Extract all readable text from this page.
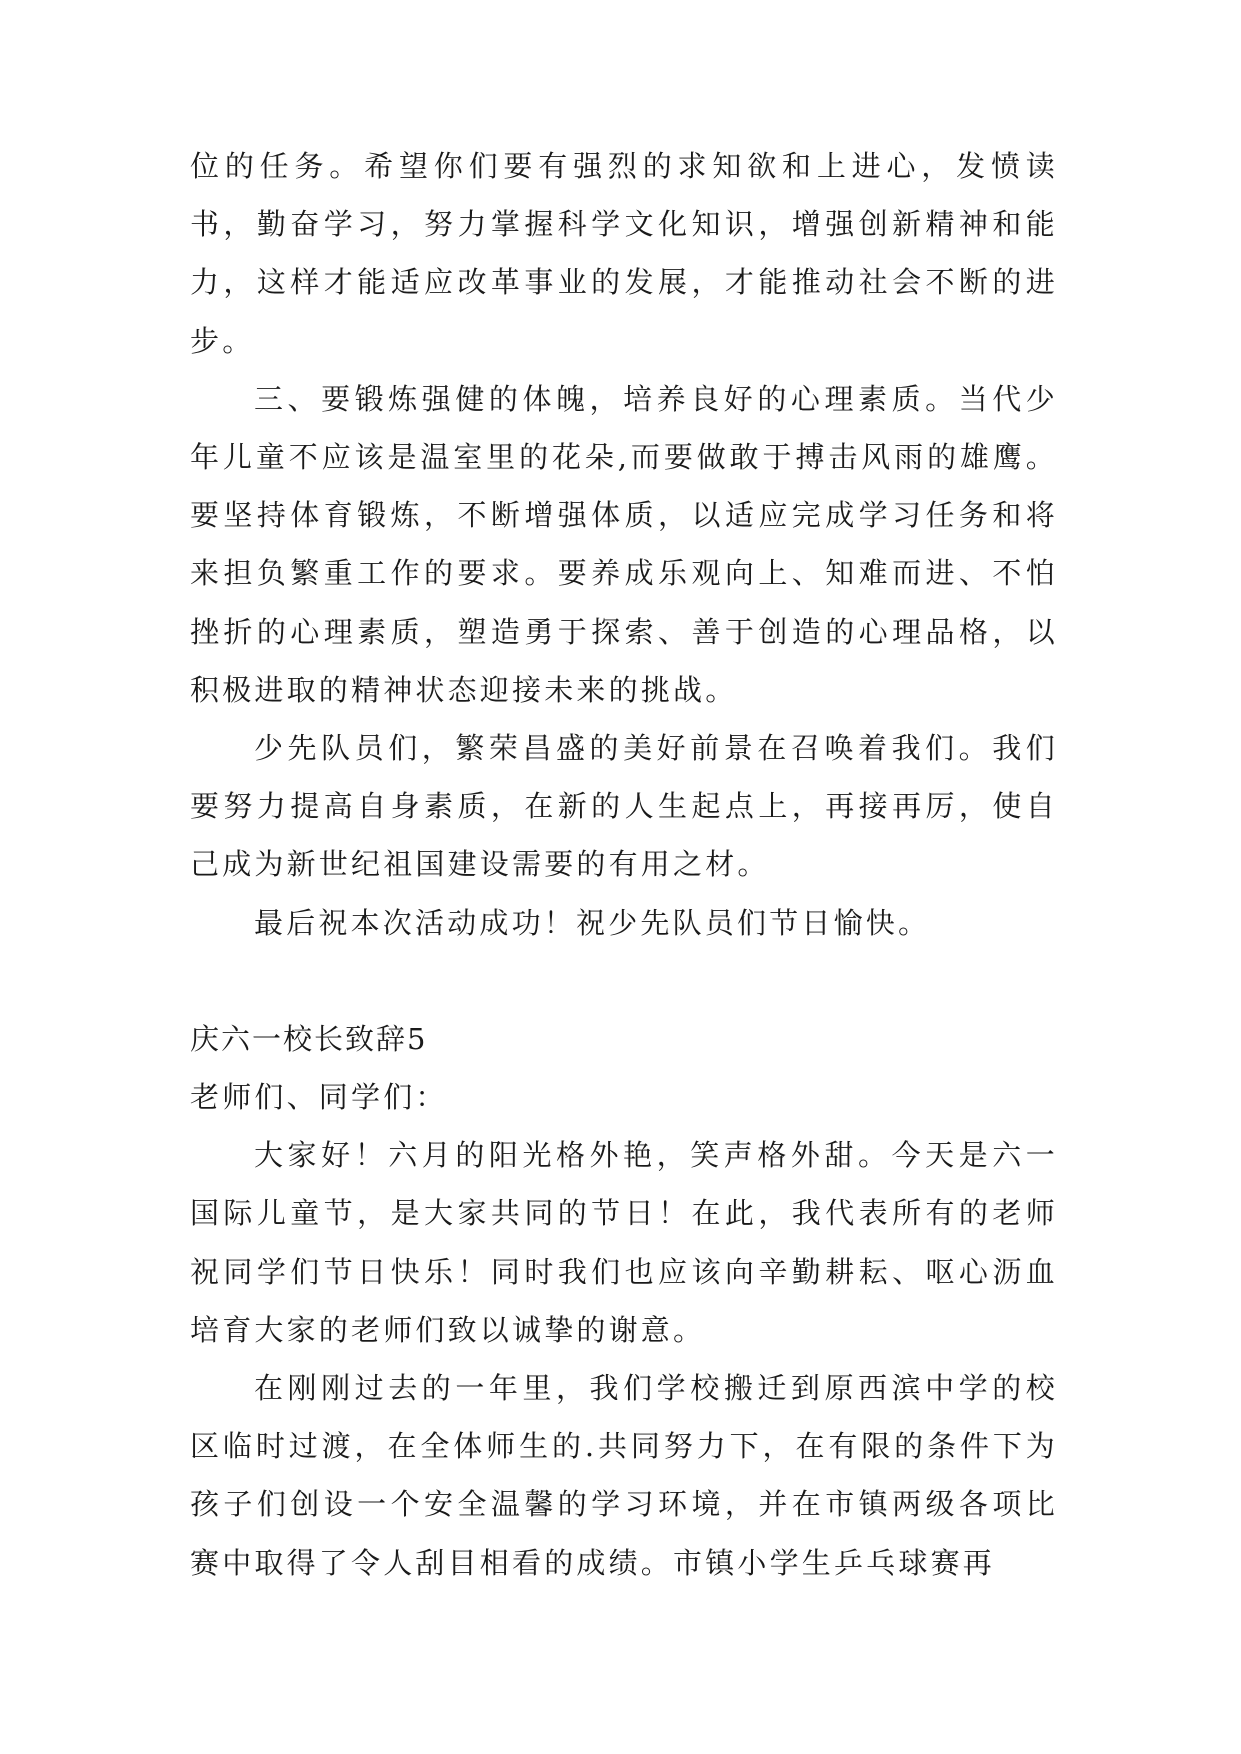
位的任务。希望你们要有强烈的求知欲和上进心，发愤读书，勤奋学习，努力掌握科学文化知识，增强创新精神和能力，这样才能适应改革事业的发展，才能推动社会不断的进步。

三、要锻炼强健的体魄，培养良好的心理素质。当代少年儿童不应该是温室里的花朵,而要做敢于搏击风雨的雄鹰。要坚持体育锻炼，不断增强体质，以适应完成学习任务和将来担负繁重工作的要求。要养成乐观向上、知难而进、不怕挫折的心理素质，塑造勇于探索、善于创造的心理品格，以积极进取的精神状态迎接未来的挑战。

少先队员们，繁荣昌盛的美好前景在召唤着我们。我们要努力提高自身素质，在新的人生起点上，再接再厉，使自己成为新世纪祖国建设需要的有用之材。

最后祝本次活动成功！祝少先队员们节日愉快。

庆六一校长致辞5

老师们、同学们：

大家好！六月的阳光格外艳，笑声格外甜。今天是六一国际儿童节，是大家共同的节日！在此，我代表所有的老师祝同学们节日快乐！同时我们也应该向辛勤耕耘、呕心沥血培育大家的老师们致以诚挚的谢意。

在刚刚过去的一年里，我们学校搬迁到原西滨中学的校区临时过渡，在全体师生的.共同努力下，在有限的条件下为孩子们创设一个安全温馨的学习环境，并在市镇两级各项比赛中取得了令人刮目相看的成绩。市镇小学生乒乓球赛再
